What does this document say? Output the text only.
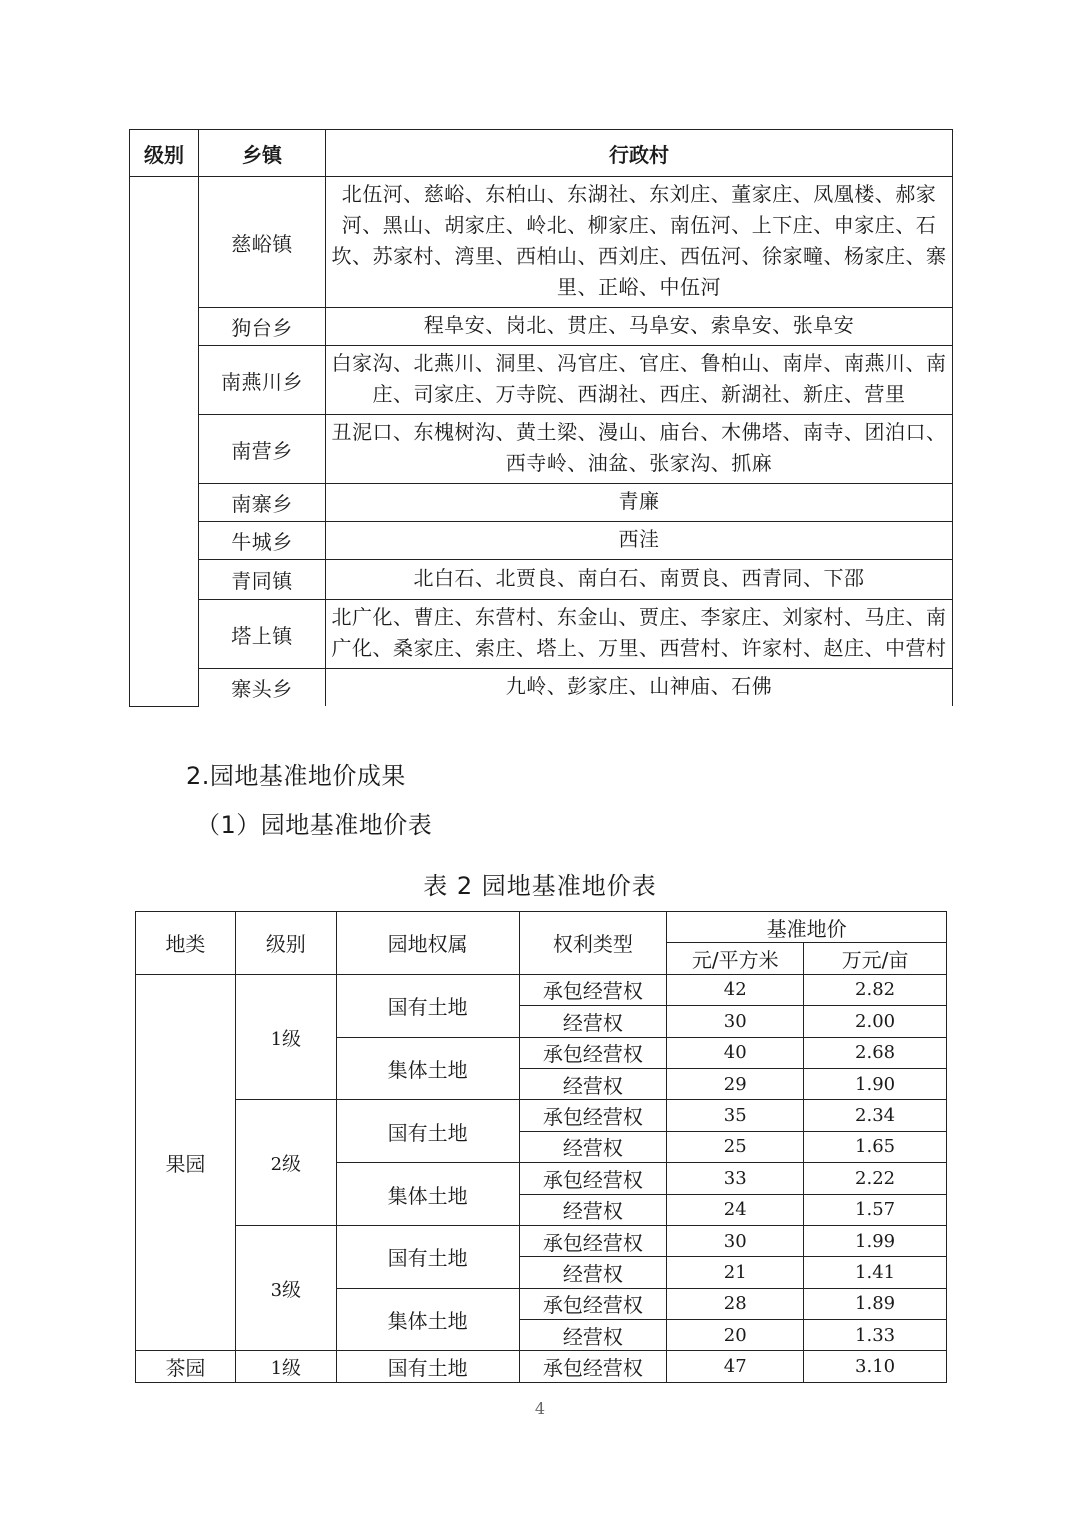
级别	乡镇	行政村
	慈峪镇	北伍河、慈峪、东柏山、东湖社、东刘庄、董家庄、凤凰楼、郝家河、黑山、胡家庄、岭北、柳家庄、南伍河、上下庄、申家庄、石坎、苏家村、湾里、西柏山、西刘庄、西伍河、徐家疃、杨家庄、寨里、正峪、中伍河
	狗台乡	程阜安、岗北、贯庄、马阜安、索阜安、张阜安
	南燕川乡	白家沟、北燕川、洞里、冯官庄、官庄、鲁柏山、南岸、南燕川、南庄、司家庄、万寺院、西湖社、西庄、新湖社、新庄、营里
	南营乡	丑泥口、东槐树沟、黄土梁、漫山、庙台、木佛塔、南寺、团泊口、西寺岭、油盆、张家沟、抓麻
	南寨乡	青廉
	牛城乡	西洼
	青同镇	北白石、北贾良、南白石、南贾良、西青同、下邵
	塔上镇	北广化、曹庄、东营村、东金山、贾庄、李家庄、刘家村、马庄、南广化、桑家庄、索庄、塔上、万里、西营村、许家村、赵庄、中营村
	寨头乡	九岭、彭家庄、山神庙、石佛
2.园地基准地价成果
（1）园地基准地价表
表 2 园地基准地价表
地类	级别	园地权属	权利类型	基准地价	
				元/平方米	万元/亩
果园	1级	国有土地	承包经营权	42	2.82
			经营权	30	2.00
		集体土地	承包经营权	40	2.68
			经营权	29	1.90
	2级	国有土地	承包经营权	35	2.34
			经营权	25	1.65
		集体土地	承包经营权	33	2.22
			经营权	24	1.57
	3级	国有土地	承包经营权	30	1.99
			经营权	21	1.41
		集体土地	承包经营权	28	1.89
			经营权	20	1.33
茶园	1级	国有土地	承包经营权	47	3.10
4
